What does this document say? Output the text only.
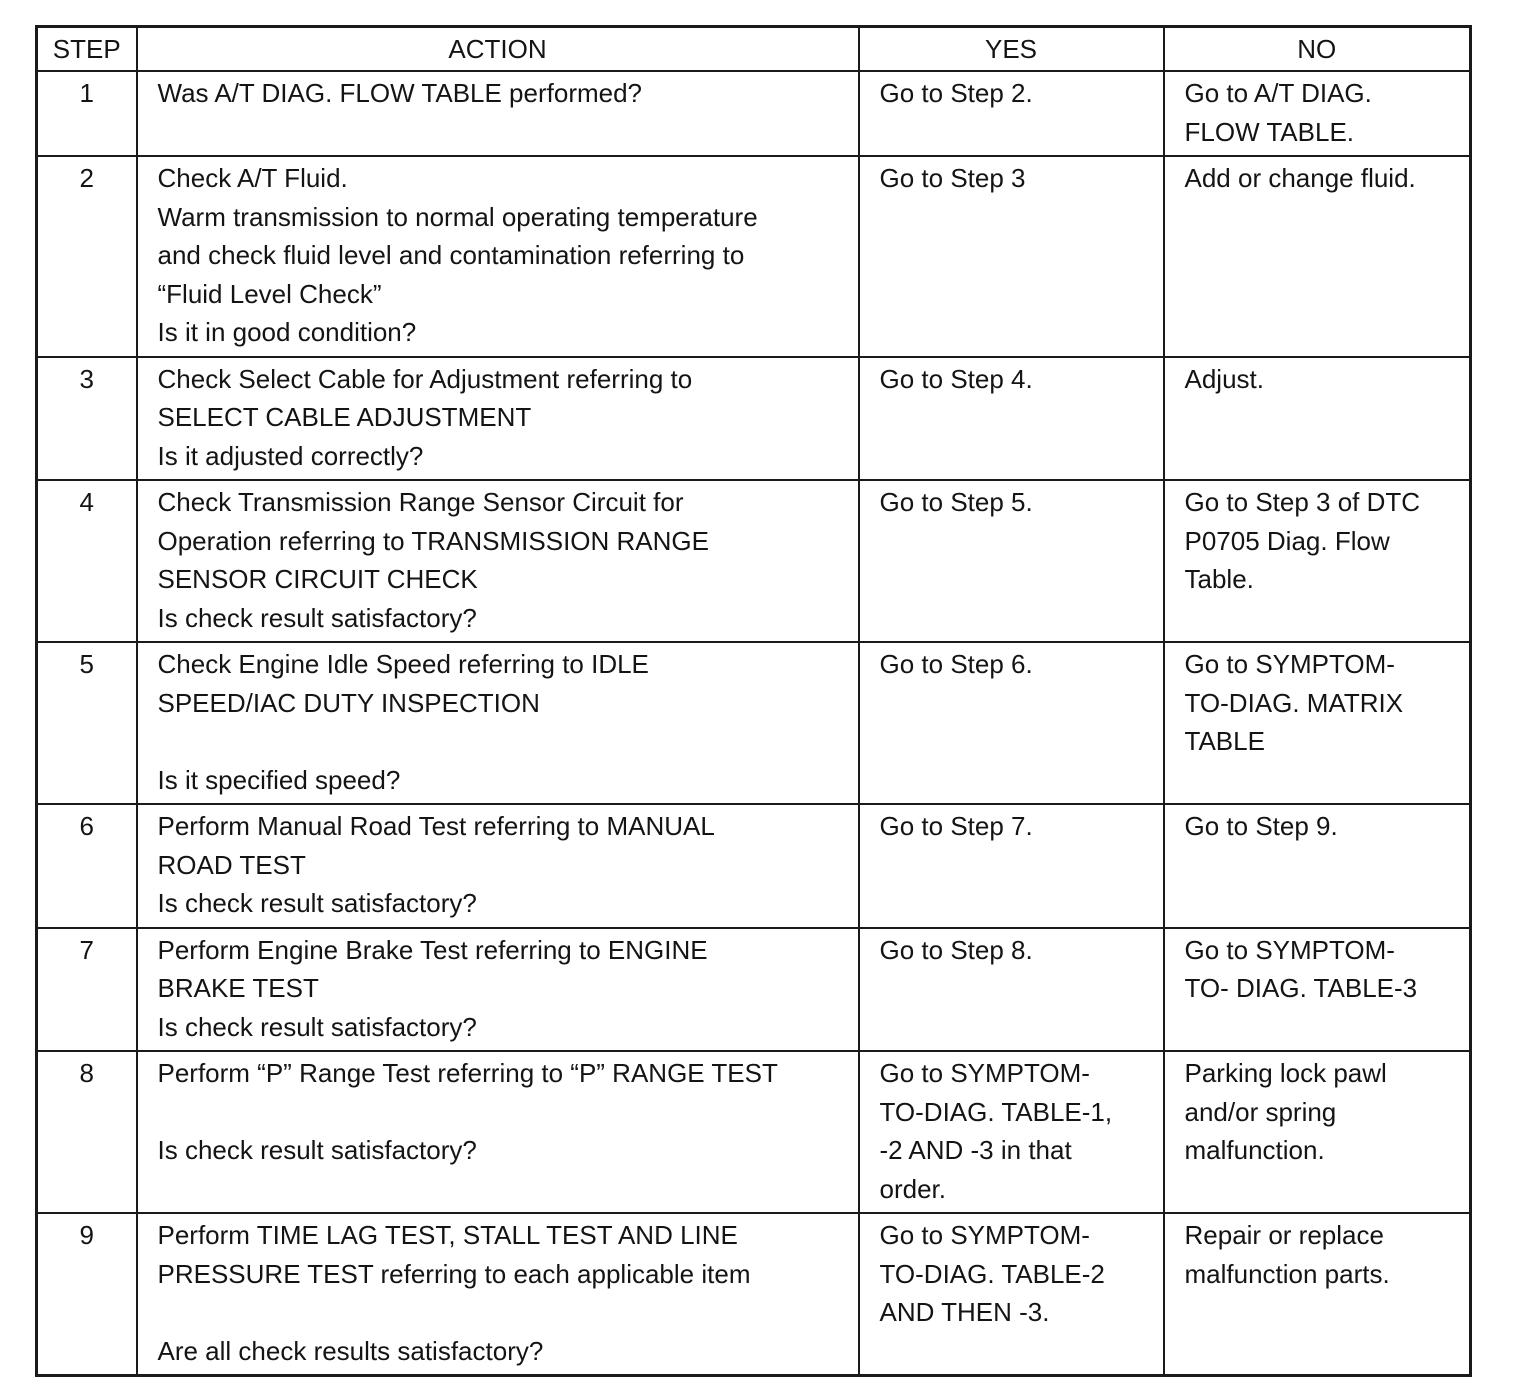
STEP	ACTION	YES	NO
1	Was A/T DIAG. FLOW TABLE performed?	Go to Step 2.	Go to A/T DIAG.
FLOW TABLE.

2	Check A/T Fluid.
Warm transmission to normal operating temperature
and check fluid level and contamination referring to
“Fluid Level Check”
Is it in good condition?	Go to Step 3	Add or change fluid.

3	Check Select Cable for Adjustment referring to
SELECT CABLE ADJUSTMENT
Is it adjusted correctly?	Go to Step 4.	Adjust.

4	Check Transmission Range Sensor Circuit for
Operation referring to TRANSMISSION RANGE
SENSOR CIRCUIT CHECK
Is check result satisfactory?	Go to Step 5.	Go to Step 3 of DTC
P0705 Diag. Flow
Table.

5	Check Engine Idle Speed referring to IDLE
SPEED/IAC DUTY INSPECTION
Is it specified speed?	Go to Step 6.	Go to SYMPTOM-
TO-DIAG. MATRIX
TABLE

6	Perform Manual Road Test referring to MANUAL
ROAD TEST
Is check result satisfactory?	Go to Step 7.	Go to Step 9.

7	Perform Engine Brake Test referring to ENGINE
BRAKE TEST
Is check result satisfactory?	Go to Step 8.	Go to SYMPTOM-
TO- DIAG. TABLE-3

8	Perform “P” Range Test referring to “P” RANGE TEST
Is check result satisfactory?	Go to SYMPTOM-
TO-DIAG. TABLE-1,
-2 AND -3 in that
order.	Parking lock pawl
and/or spring
malfunction.

9	Perform TIME LAG TEST, STALL TEST AND LINE
PRESSURE TEST referring to each applicable item
Are all check results satisfactory?	Go to SYMPTOM-
TO-DIAG. TABLE-2
AND THEN -3.	Repair or replace
malfunction parts.
